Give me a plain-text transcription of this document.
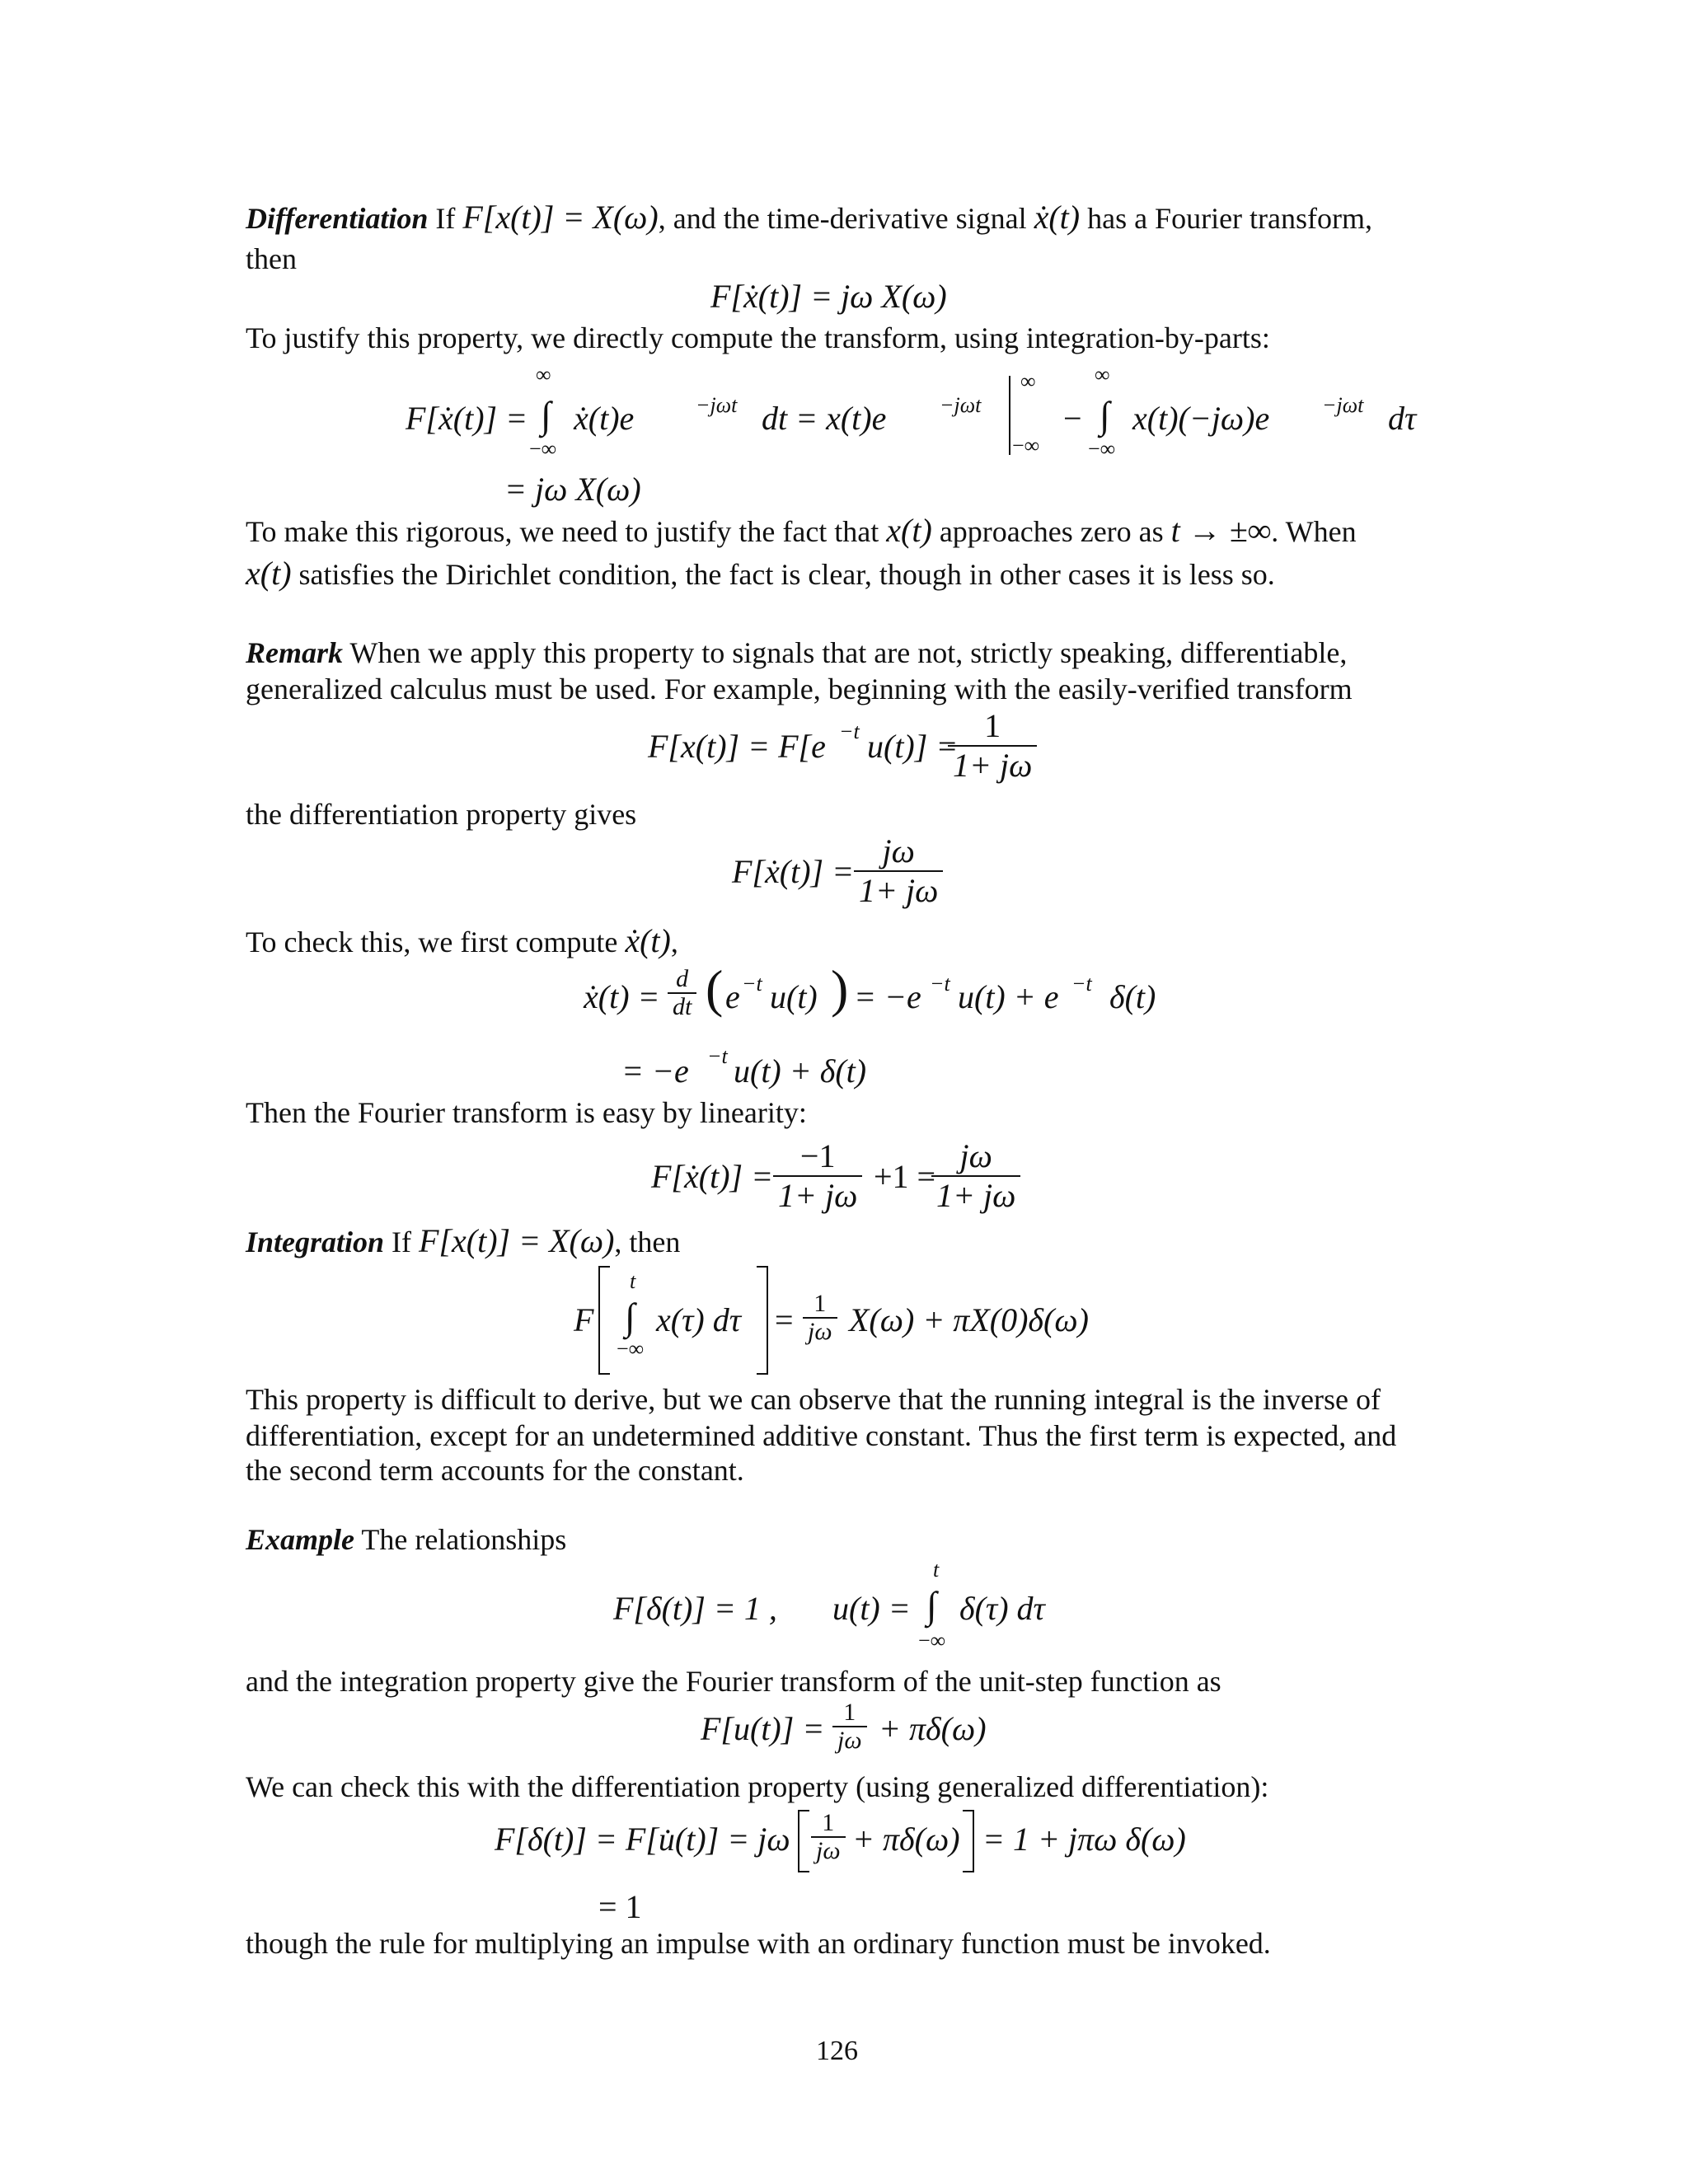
Differentiation If F[x(t)] = X(ω), and the time-derivative signal ẋ(t) has a Fourier transform,
then
F[ẋ(t)] = jω X(ω)
To justify this property, we directly compute the transform, using integration-by-parts:
F[ẋ(t)] =
∞
∫
−∞
ẋ(t)e	−jωt dt = x(t)e −jωt
∞
−∞
−
∞
∫
−∞
x(t)(−jω)e −jωt dτ
= jω X(ω)
To make this rigorous, we need to justify the fact that x(t) approaches zero as t → ±∞. When
x(t) satisfies the Dirichlet condition, the fact is clear, though in other cases it is less so.
Remark When we apply this property to signals that are not, strictly speaking, differentiable,
generalized calculus must be used. For example, beginning with the easily-verified transform
F[x(t)] = F[e −t u(t)] =
$\frac{1}{1+ j\omega}$
the differentiation property gives
F[ẋ(t)] = $\frac{j\omega}{1+ j\omega}$
To check this, we first compute ẋ(t),
ẋ(t) = $\frac{d}{dt}$ ( e −t u(t) ) = −e −t u(t) + e −t δ(t)
= −e −t u(t) + δ(t)
Then the Fourier transform is easy by linearity:
F[ẋ(t)] = $\frac{-1}{1+ j\omega} +1$ =
$\frac{j\omega}{1+ j\omega}$
Integration If F[x(t)] = X(ω), then
F
t
∫
−∞
x(τ) $d\tau = \frac{1}{j\omega} X(\omega) + \pi X(0)\delta(\omega)$
This property is difficult to derive, but we can observe that the running integral is the inverse of
differentiation, except for an undetermined additive constant. Thus the first term is expected, and
the second term accounts for the constant.
Example The relationships
F[δ(t)] = 1 , u(t) =
t
∫
−∞
δ(τ) dτ
and the integration property give the Fourier transform of the unit-step function as
$F[u(t)] = \frac{1}{j\omega} + \pi\delta(\omega)$
We can check this with the differentiation property (using generalized differentiation):
F[δ(t)] = F[u̇(t)] = jω $\frac{1}{j\omega} + \pi\delta(\omega) = 1 + j\pi\omega$ δ(ω)
= 1
though the rule for multiplying an impulse with an ordinary function must be invoked.
126
